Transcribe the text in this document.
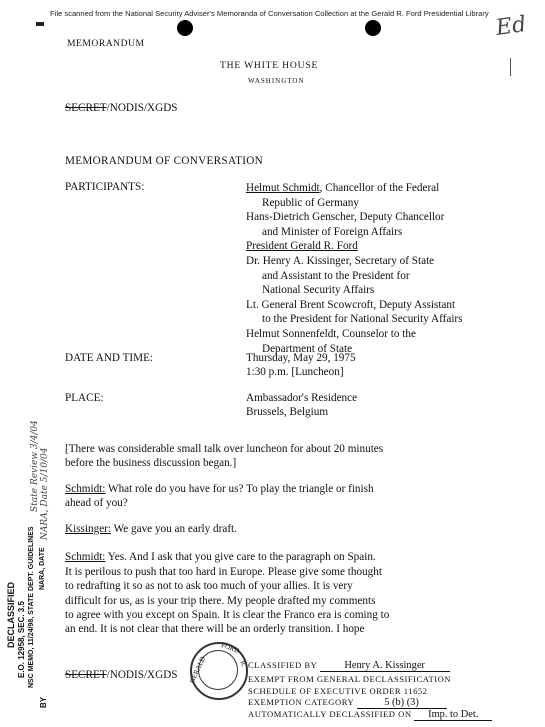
File scanned from the National Security Adviser's Memoranda of Conversation Collection at the Gerald R. Ford Presidential Library Ed
MEMORANDUM
THE WHITE HOUSE
WASHINGTON
SECRET/NODIS/XGDS
MEMORANDUM OF CONVERSATION
PARTICIPANTS:	Helmut Schmidt, Chancellor of the Federal
Republic of Germany
Hans-Dietrich Genscher, Deputy Chancellor
and Minister of Foreign Affairs
President Gerald R. Ford
Dr. Henry A. Kissinger, Secretary of State
and Assistant to the President for
National Security Affairs
Lt. General Brent Scowcroft, Deputy Assistant
to the President for National Security Affairs
Helmut Sonnenfeldt, Counselor to the
Department of State
DATE AND TIME:	Thursday, May 29, 1975
1:30 p.m. [Luncheon]
PLACE:	Ambassador's Residence
Brussels, Belgium
[There was considerable small talk over luncheon for about 20 minutes
before the business discussion began.]
Schmidt: What role do you have for us? To play the triangle or finish
ahead of you?
Kissinger: We gave you an early draft.
Schmidt: Yes. And I ask that you give care to the paragraph on Spain.
It is perilous to push that too hard in Europe. Please give some thought
to redrafting it so as not to ask too much of your allies. It is very
difficult for us, as is your trip there. My people drafted my comments
to agree with you except on Spain. It is clear the Franco era is coming to
an end. It is not clear that there will be an orderly transition. I hope
SECRET/NODIS/XGDS
FORD
GERALD	R. CLASSIFIED BY	Henry A. Kissinger
EXEMPT FROM GENERAL DECLASSIFICATION
SCHEDULE OF EXECUTIVE ORDER 11652
EXEMPTION CATEGORY	5 (b) (3)
AUTOMATICALLY DECLASSIFIED ON Imp. to Det.
DECLASSIFIED E.O. 12958, SEC. 3.5 NSC MEMO, 11/24/98, STATE DEPT. GUIDELINES
BY
NARA, DATE
State Review 3/4/04 NARA, Date 5/10/04
